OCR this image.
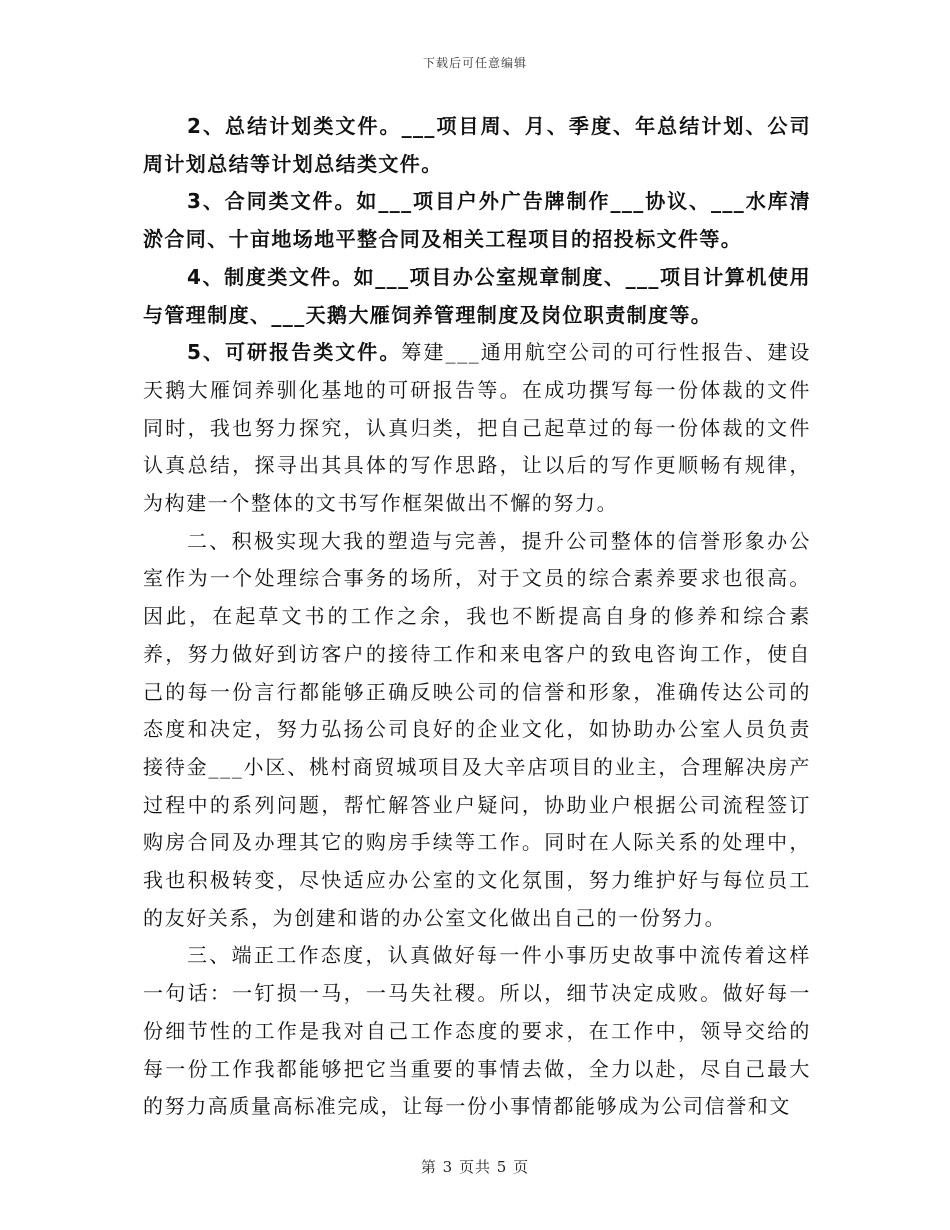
下载后可任意编辑

2、总结计划类文件。___项目周、月、季度、年总结计划、公司周计划总结等计划总结类文件。

3、合同类文件。如___项目户外广告牌制作___协议、___水库清淤合同、十亩地场地平整合同及相关工程项目的招投标文件等。

4、制度类文件。如___项目办公室规章制度、___项目计算机使用与管理制度、___天鹅大雁饲养管理制度及岗位职责制度等。

5、可研报告类文件。筹建___通用航空公司的可行性报告、建设天鹅大雁饲养驯化基地的可研报告等。在成功撰写每一份体裁的文件同时，我也努力探究，认真归类，把自己起草过的每一份体裁的文件认真总结，探寻出其具体的写作思路，让以后的写作更顺畅有规律，为构建一个整体的文书写作框架做出不懈的努力。

二、积极实现大我的塑造与完善，提升公司整体的信誉形象办公室作为一个处理综合事务的场所，对于文员的综合素养要求也很高。因此，在起草文书的工作之余，我也不断提高自身的修养和综合素养，努力做好到访客户的接待工作和来电客户的致电咨询工作，使自己的每一份言行都能够正确反映公司的信誉和形象，准确传达公司的态度和决定，努力弘扬公司良好的企业文化，如协助办公室人员负责接待金___小区、桃村商贸城项目及大辛店项目的业主，合理解决房产过程中的系列问题，帮忙解答业户疑问，协助业户根据公司流程签订购房合同及办理其它的购房手续等工作。同时在人际关系的处理中，我也积极转变，尽快适应办公室的文化氛围，努力维护好与每位员工的友好关系，为创建和谐的办公室文化做出自己的一份努力。

三、端正工作态度，认真做好每一件小事历史故事中流传着这样一句话：一钉损一马，一马失社稷。所以，细节决定成败。做好每一份细节性的工作是我对自己工作态度的要求，在工作中，领导交给的每一份工作我都能够把它当重要的事情去做，全力以赴，尽自己最大的努力高质量高标准完成，让每一份小事情都能够成为公司信誉和文

第 3 页共 5 页
